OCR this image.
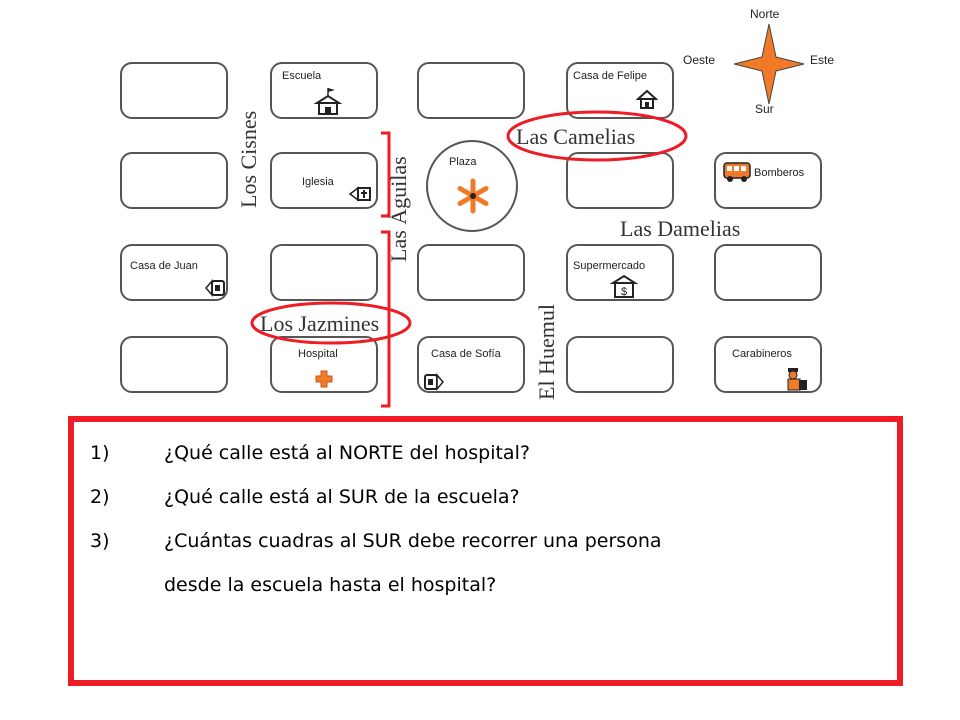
Escuela	Casa de Felipe
Iglesia
Bomberos
Casa de Juan	Supermercado
$
Hospital	Casa de Sofía	Carabineros
Plaza
Los Cisnes	Las Águilas
Las Camelias
Las Damelias
Los Jazmines	El Huemul
Norte
Sur
Este
Oeste
1)	¿Qué calle está al NORTE del hospital?
2)	¿Qué calle está al SUR de la escuela?
3)	¿Cuántas cuadras al SUR debe recorrer una persona
desde la escuela hasta el hospital?
